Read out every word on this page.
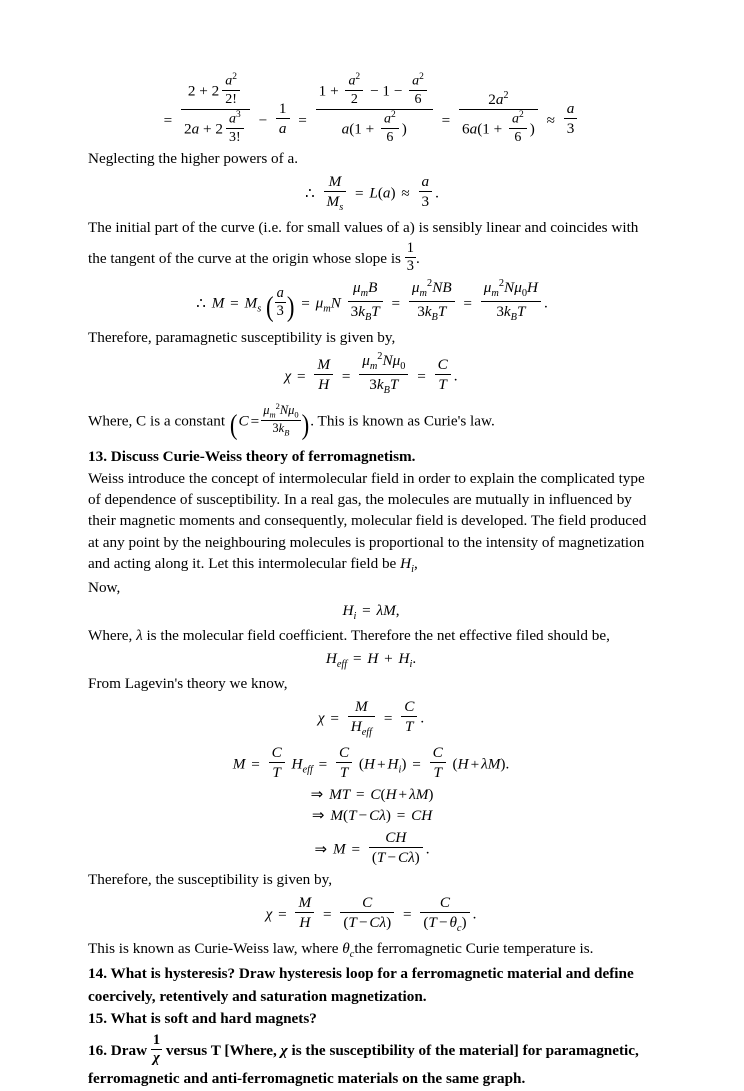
= $\frac{2 + 2 \frac{a^2}{2!}}{2a + 2 \frac{a^3}{3!}} - \frac{1}{a} = \frac{1 + \frac{a^2}{2} - 1 - \frac{a^2}{6}}{a(1 + \frac{a^2}{6} )} = \frac{2a^2}{6a(1 + \frac{a^2}{6} )} \approx \frac{a}{3}$

Neglecting the higher powers of a.

∴ $\frac{M}{M_s} = L(a) \approx \frac{a}{3}$ .

The initial part of the curve (i.e. for small values of a) is sensibly linear and coincides with

the tangent of the curve at the origin whose slope is $\frac{1}{3}$ .

∴ $M = M_s$ ( $\frac{a}{3}$ ) = $\mu_mN \frac{\mu_mB}{3k_BT} = \frac{\mu_m^2NB}{3k_BT} = \frac{\mu_m^2N\mu_0H}{3k_BT}$ .

Therefore, paramagnetic susceptibility is given by,

$\chi = \frac{M}{H} = \frac{\mu_m^2N\mu_0}{3k_BT} = \frac{C}{T}$ .

Where, C is a constant ($C = \frac{\mu_m^2N\mu_0}{3k_B}$ ). This is known as Curie's law.

13. Discuss Curie-Weiss theory of ferromagnetism.

Weiss introduce the concept of intermolecular field in order to explain the complicated type

of dependence of susceptibility. In a real gas, the molecules are mutually in influenced by

their magnetic moments and consequently, molecular field is developed. The field produced

at any point by the neighbouring molecules is proportional to the intensity of magnetization

and acting along it. Let this intermolecular field be $H_i$,

Now,

$H_i = \lambda M$,

Where, λ is the molecular field coefficient. Therefore the net effective filed should be,

$H_{eff} = H + H_i$.

From Lagevin's theory we know,

$\chi = \frac{M}{H_{eff}} = \frac{C}{T}$ .
$M = \frac{C}{T} H_{eff} = \frac{C}{T} (H + H_i) = \frac{C}{T} (H + \lambda M)$.
⇒ MT = C(H + λM)
⇒ M(T − Cλ) = CH
⇒ $M = \frac{CH}{(T - C\lambda)}$ .

Therefore, the susceptibility is given by,

$\chi = \frac{M}{H} = \frac{C}{(T - C\lambda)} = \frac{C}{(T - \theta_c)}$ .

This is known as Curie-Weiss law, where $\theta_cthe$ ferromagnetic Curie temperature is.

14. What is hysteresis? Draw hysteresis loop for a ferromagnetic material and define

coercively, retentively and saturation magnetization.

15. What is soft and hard magnets?

16. Draw $\frac{1}{\chi}$ versus T [Where, χ is the susceptibility of the material] for paramagnetic,

ferromagnetic and anti-ferromagnetic materials on the same graph.
